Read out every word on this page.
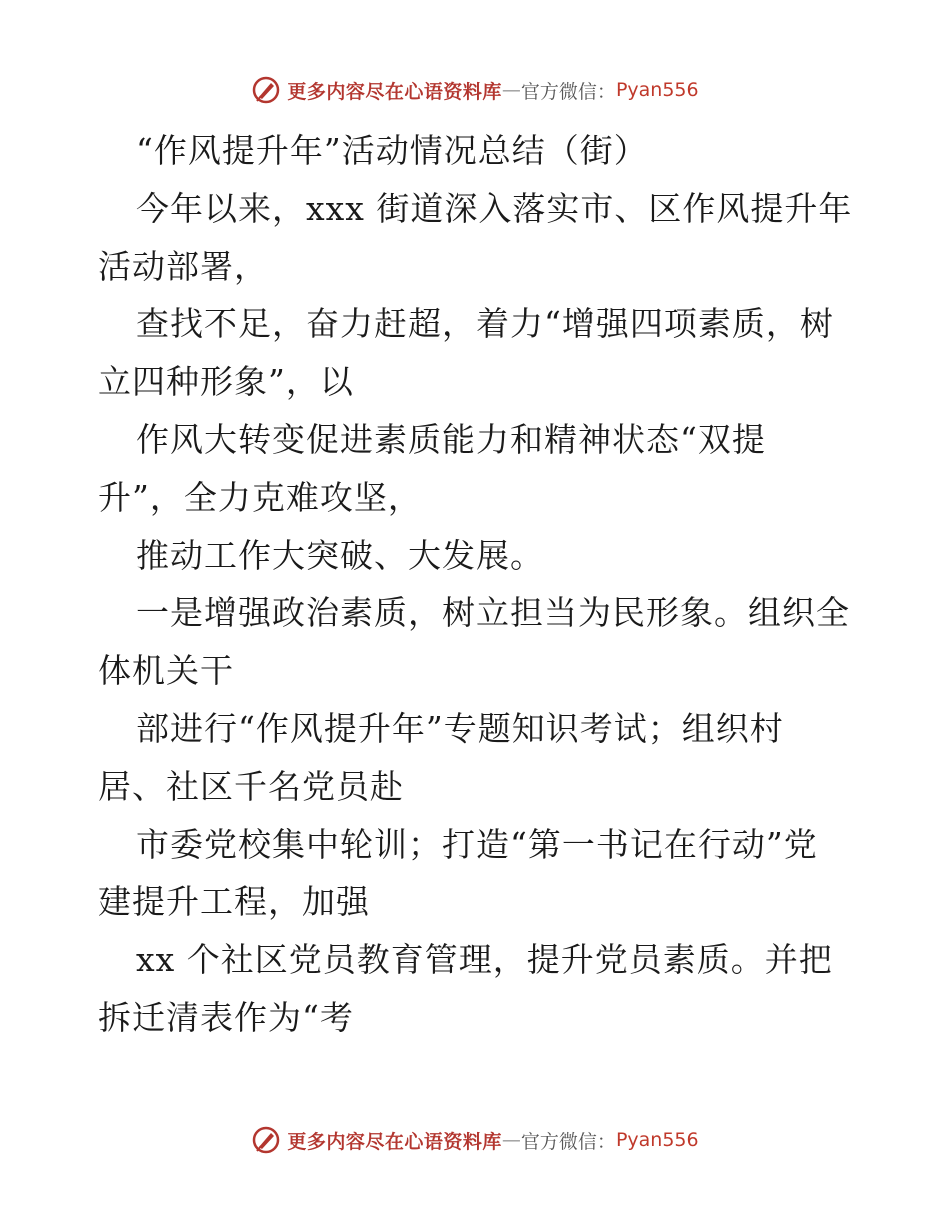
更多内容尽在心语资料库 — 官方微信： Pyan556
“作风提升年”活动情况总结（街）
今年以来，xxx 街道深入落实市、区作风提升年
活动部署，
查找不足，奋力赶超，着力“增强四项素质，树
立四种形象”，以
作风大转变促进素质能力和精神状态“双提
升”，全力克难攻坚，
推动工作大突破、大发展。
一是增强政治素质，树立担当为民形象。组织全
体机关干
部进行“作风提升年”专题知识考试；组织村
居、社区千名党员赴
市委党校集中轮训；打造“第一书记在行动”党
建提升工程，加强
xx 个社区党员教育管理，提升党员素质。并把
拆迁清表作为“考
更多内容尽在心语资料库 — 官方微信： Pyan556
